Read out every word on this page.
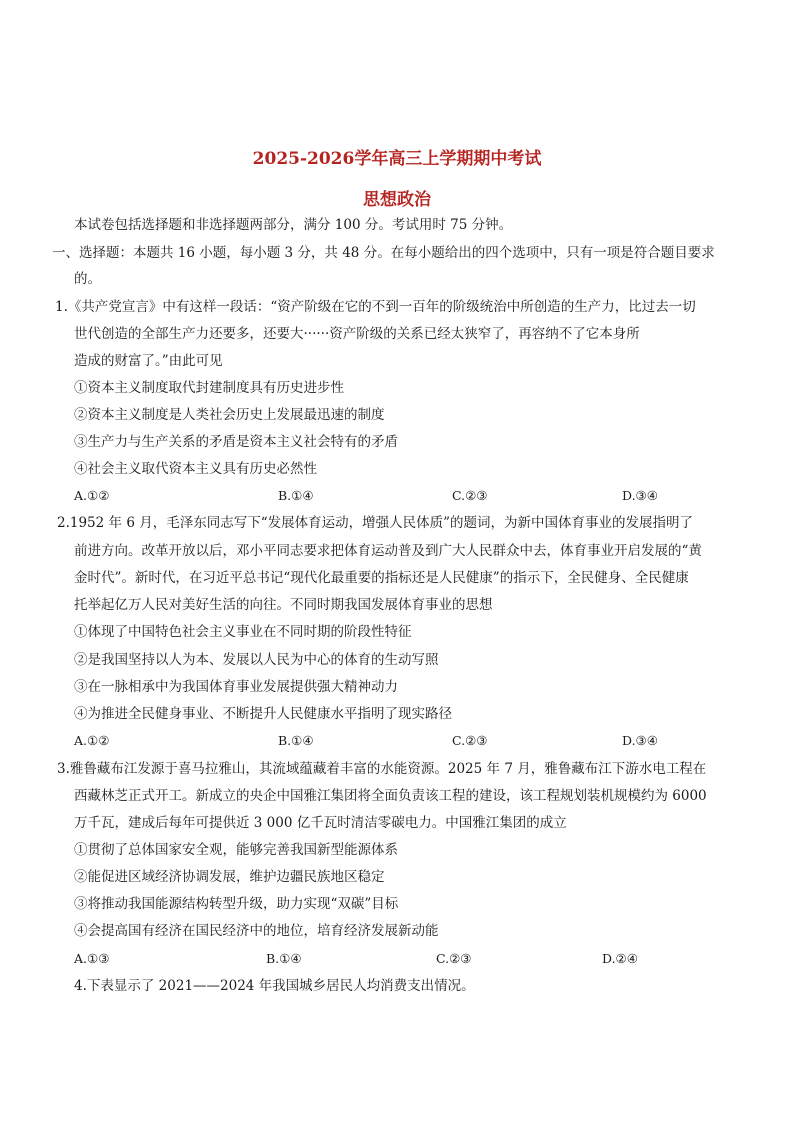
2025-2026学年高三上学期期中考试
思想政治
本试卷包括选择题和非选择题两部分，满分 100 分。考试用时 75 分钟。
一、选择题：本题共 16 小题，每小题 3 分，共 48 分。在每小题给出的四个选项中，只有一项是符合题目要求
的。
1.《共产党宣言》中有这样一段话：“资产阶级在它的不到一百年的阶级统治中所创造的生产力，比过去一切
世代创造的全部生产力还要多，还要大······资产阶级的关系已经太狭窄了，再容纳不了它本身所
造成的财富了。”由此可见
①资本主义制度取代封建制度具有历史进步性
②资本主义制度是人类社会历史上发展最迅速的制度
③生产力与生产关系的矛盾是资本主义社会特有的矛盾
④社会主义取代资本主义具有历史必然性
A.①②	B.①④	C.②③	D.③④
2.1952 年 6 月，毛泽东同志写下“发展体育运动，增强人民体质”的题词，为新中国体育事业的发展指明了
前进方向。改革开放以后，邓小平同志要求把体育运动普及到广大人民群众中去，体育事业开启发展的“黄
金时代”。新时代，在习近平总书记“现代化最重要的指标还是人民健康”的指示下，全民健身、全民健康
托举起亿万人民对美好生活的向往。不同时期我国发展体育事业的思想
①体现了中国特色社会主义事业在不同时期的阶段性特征
②是我国坚持以人为本、发展以人民为中心的体育的生动写照
③在一脉相承中为我国体育事业发展提供强大精神动力
④为推进全民健身事业、不断提升人民健康水平指明了现实路径
A.①②	B.①④	C.②③	D.③④
3.雅鲁藏布江发源于喜马拉雅山，其流域蕴藏着丰富的水能资源。2025 年 7 月，雅鲁藏布江下游水电工程在
西藏林芝正式开工。新成立的央企中国雅江集团将全面负责该工程的建设，该工程规划装机规模约为 6000
万千瓦，建成后每年可提供近 3 000 亿千瓦时清洁零碳电力。中国雅江集团的成立
①贯彻了总体国家安全观，能够完善我国新型能源体系
②能促进区域经济协调发展，维护边疆民族地区稳定
③将推动我国能源结构转型升级，助力实现“双碳”目标
④会提高国有经济在国民经济中的地位，培育经济发展新动能
A.①③	B.①④	C.②③	D.②④
4.下表显示了 2021——2024 年我国城乡居民人均消费支出情况。
